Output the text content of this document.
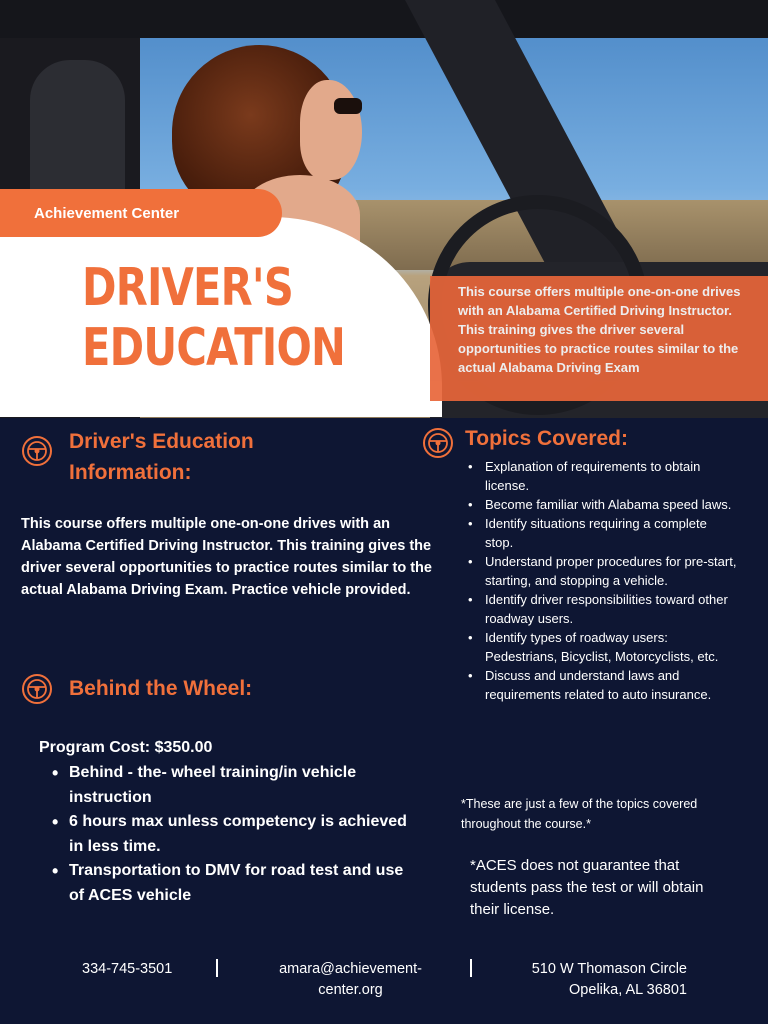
Achievement Center
DRIVER'S
EDUCATION
This course offers multiple one-on-one drives with an Alabama Certified Driving Instructor. This training gives the driver several opportunities to practice routes similar to the actual Alabama Driving Exam
Driver's Education
Information:
This course offers multiple one-on-one drives with an Alabama Certified Driving Instructor. This training gives the driver several opportunities to practice routes similar to the actual Alabama Driving Exam. Practice vehicle provided.
Behind the Wheel:
Program Cost: $350.00
• Behind - the- wheel training/in vehicle instruction
• 6 hours max unless competency is achieved in less time.
• Transportation to DMV for road test and use of ACES vehicle
Topics Covered:
• Explanation of requirements to obtain license.
• Become familiar with Alabama speed laws.
• Identify situations requiring a complete stop.
• Understand proper procedures for pre-start, starting, and stopping a vehicle.
• Identify driver responsibilities toward other roadway users.
• Identify types of roadway users: Pedestrians, Bicyclist, Motorcyclists, etc.
• Discuss and understand laws and requirements related to auto insurance.
*These are just a few of the topics covered throughout the course.*
*ACES does not guarantee that students pass the test or will obtain their license.
334-745-3501	amara@achievement-
center.org
510 W Thomason Circle
Opelika, AL 36801
